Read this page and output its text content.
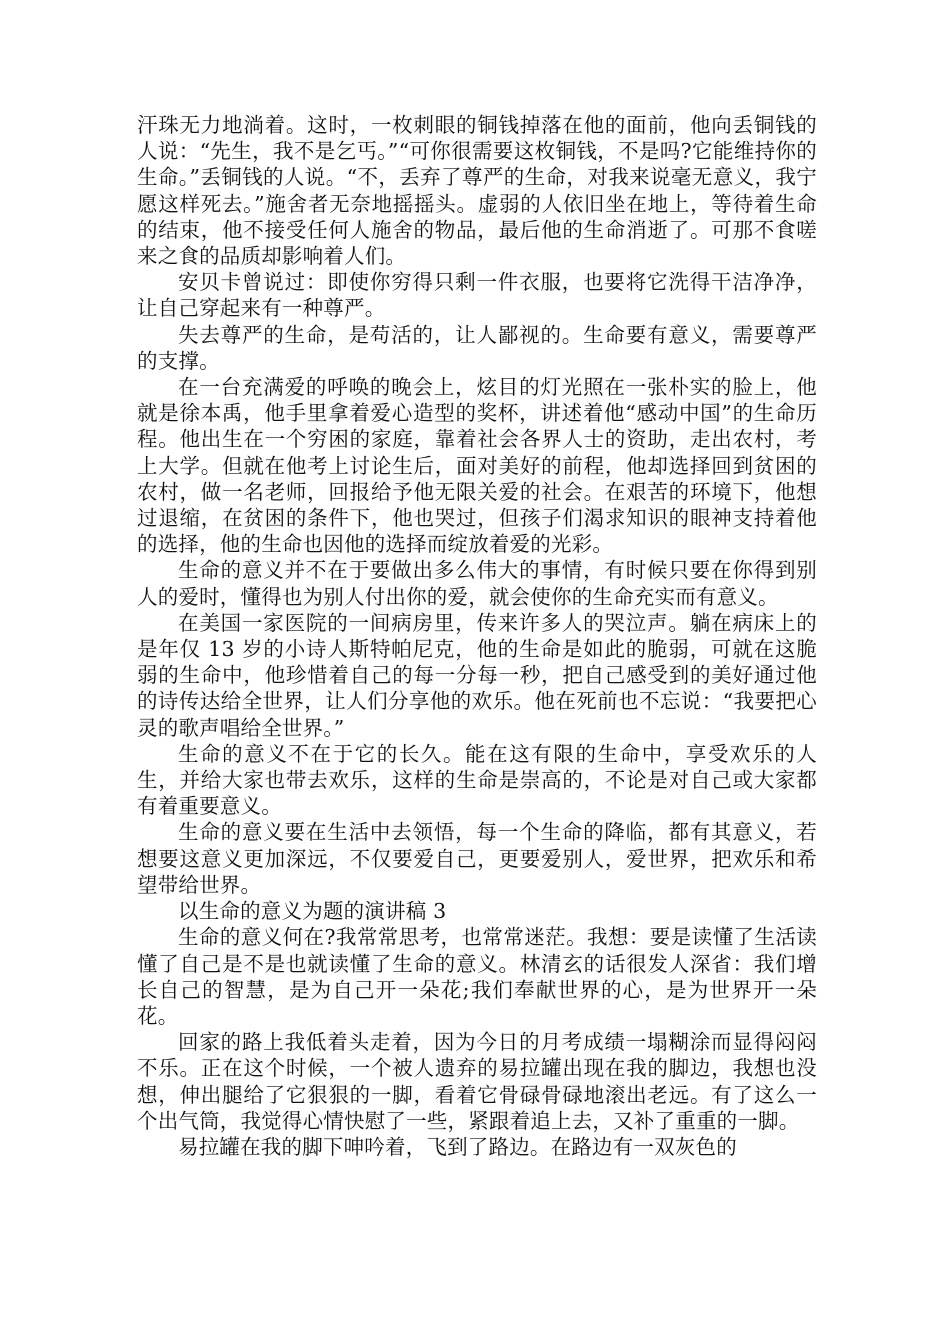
汗珠无力地淌着。这时，一枚刺眼的铜钱掉落在他的面前，他向丢铜钱的人说：“先生，我不是乞丐。”“可你很需要这枚铜钱，不是吗?它能维持你的生命。”丢铜钱的人说。“不，丢弃了尊严的生命，对我来说毫无意义，我宁愿这样死去。”施舍者无奈地摇摇头。虚弱的人依旧坐在地上，等待着生命的结束，他不接受任何人施舍的物品，最后他的生命消逝了。可那不食嗟来之食的品质却影响着人们。

安贝卡曾说过：即使你穷得只剩一件衣服，也要将它洗得干洁净净，让自己穿起来有一种尊严。

失去尊严的生命，是苟活的，让人鄙视的。生命要有意义，需要尊严的支撑。

在一台充满爱的呼唤的晚会上，炫目的灯光照在一张朴实的脸上，他就是徐本禹，他手里拿着爱心造型的奖杯，讲述着他“感动中国”的生命历程。他出生在一个穷困的家庭，靠着社会各界人士的资助，走出农村，考上大学。但就在他考上讨论生后，面对美好的前程，他却选择回到贫困的农村，做一名老师，回报给予他无限关爱的社会。在艰苦的环境下，他想过退缩，在贫困的条件下，他也哭过，但孩子们渴求知识的眼神支持着他的选择，他的生命也因他的选择而绽放着爱的光彩。

生命的意义并不在于要做出多么伟大的事情，有时候只要在你得到别人的爱时，懂得也为别人付出你的爱，就会使你的生命充实而有意义。

在美国一家医院的一间病房里，传来许多人的哭泣声。躺在病床上的是年仅 13 岁的小诗人斯特帕尼克，他的生命是如此的脆弱，可就在这脆弱的生命中，他珍惜着自己的每一分每一秒，把自己感受到的美好通过他的诗传达给全世界，让人们分享他的欢乐。他在死前也不忘说：“我要把心灵的歌声唱给全世界。”

生命的意义不在于它的长久。能在这有限的生命中，享受欢乐的人生，并给大家也带去欢乐，这样的生命是崇高的，不论是对自己或大家都有着重要意义。

生命的意义要在生活中去领悟，每一个生命的降临，都有其意义，若想要这意义更加深远，不仅要爱自己，更要爱别人，爱世界，把欢乐和希望带给世界。

以生命的意义为题的演讲稿 3

生命的意义何在?我常常思考，也常常迷茫。我想：要是读懂了生活读懂了自己是不是也就读懂了生命的意义。林清玄的话很发人深省：我们增长自己的智慧，是为自己开一朵花;我们奉献世界的心，是为世界开一朵花。

回家的路上我低着头走着，因为今日的月考成绩一塌糊涂而显得闷闷不乐。正在这个时候，一个被人遗弃的易拉罐出现在我的脚边，我想也没想，伸出腿给了它狠狠的一脚，看着它骨碌骨碌地滚出老远。有了这么一个出气筒，我觉得心情快慰了一些，紧跟着追上去，又补了重重的一脚。

易拉罐在我的脚下呻吟着，飞到了路边。在路边有一双灰色的
